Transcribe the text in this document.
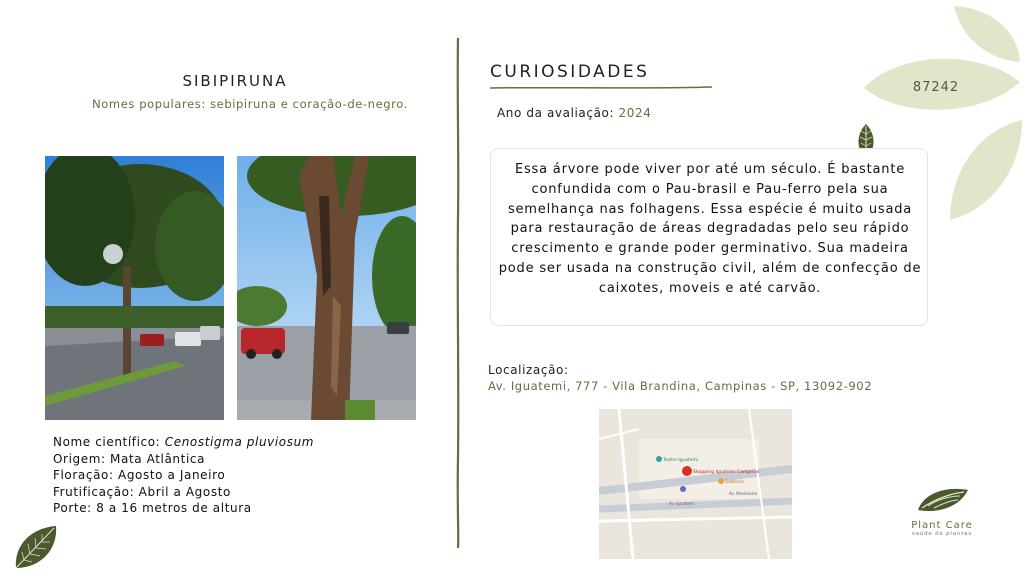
SIBIPIRUNA
Nomes populares: sebipiruna e coração-de-negro.
Nome científico: Cenostigma pluviosum
Origem: Mata Atlântica
Floração: Agosto a Janeiro
Frutificação: Abril a Agosto
Porte: 8 a 16 metros de altura
CURIOSIDADES
Ano da avaliação: 2024
Essa árvore pode viver por até um século. É bastante confundida com o Pau-brasil e Pau-ferro pela sua semelhança nas folhagens. Essa espécie é muito usada para restauração de áreas degradadas pelo seu rápido crescimento e grande poder germinativo. Sua madeira pode ser usada na construção civil, além de confecção de caixotes, moveis e até carvão.
Localização:
Av. Iguatemi, 777 - Vila Brandina, Campinas - SP, 13092-902
Teatro Iguatemi
Shopping Iguatemi Campinas
Outback
Av. Iguatemi
Av. Mackenzie
87242
Plant Care
saúde de plantas
